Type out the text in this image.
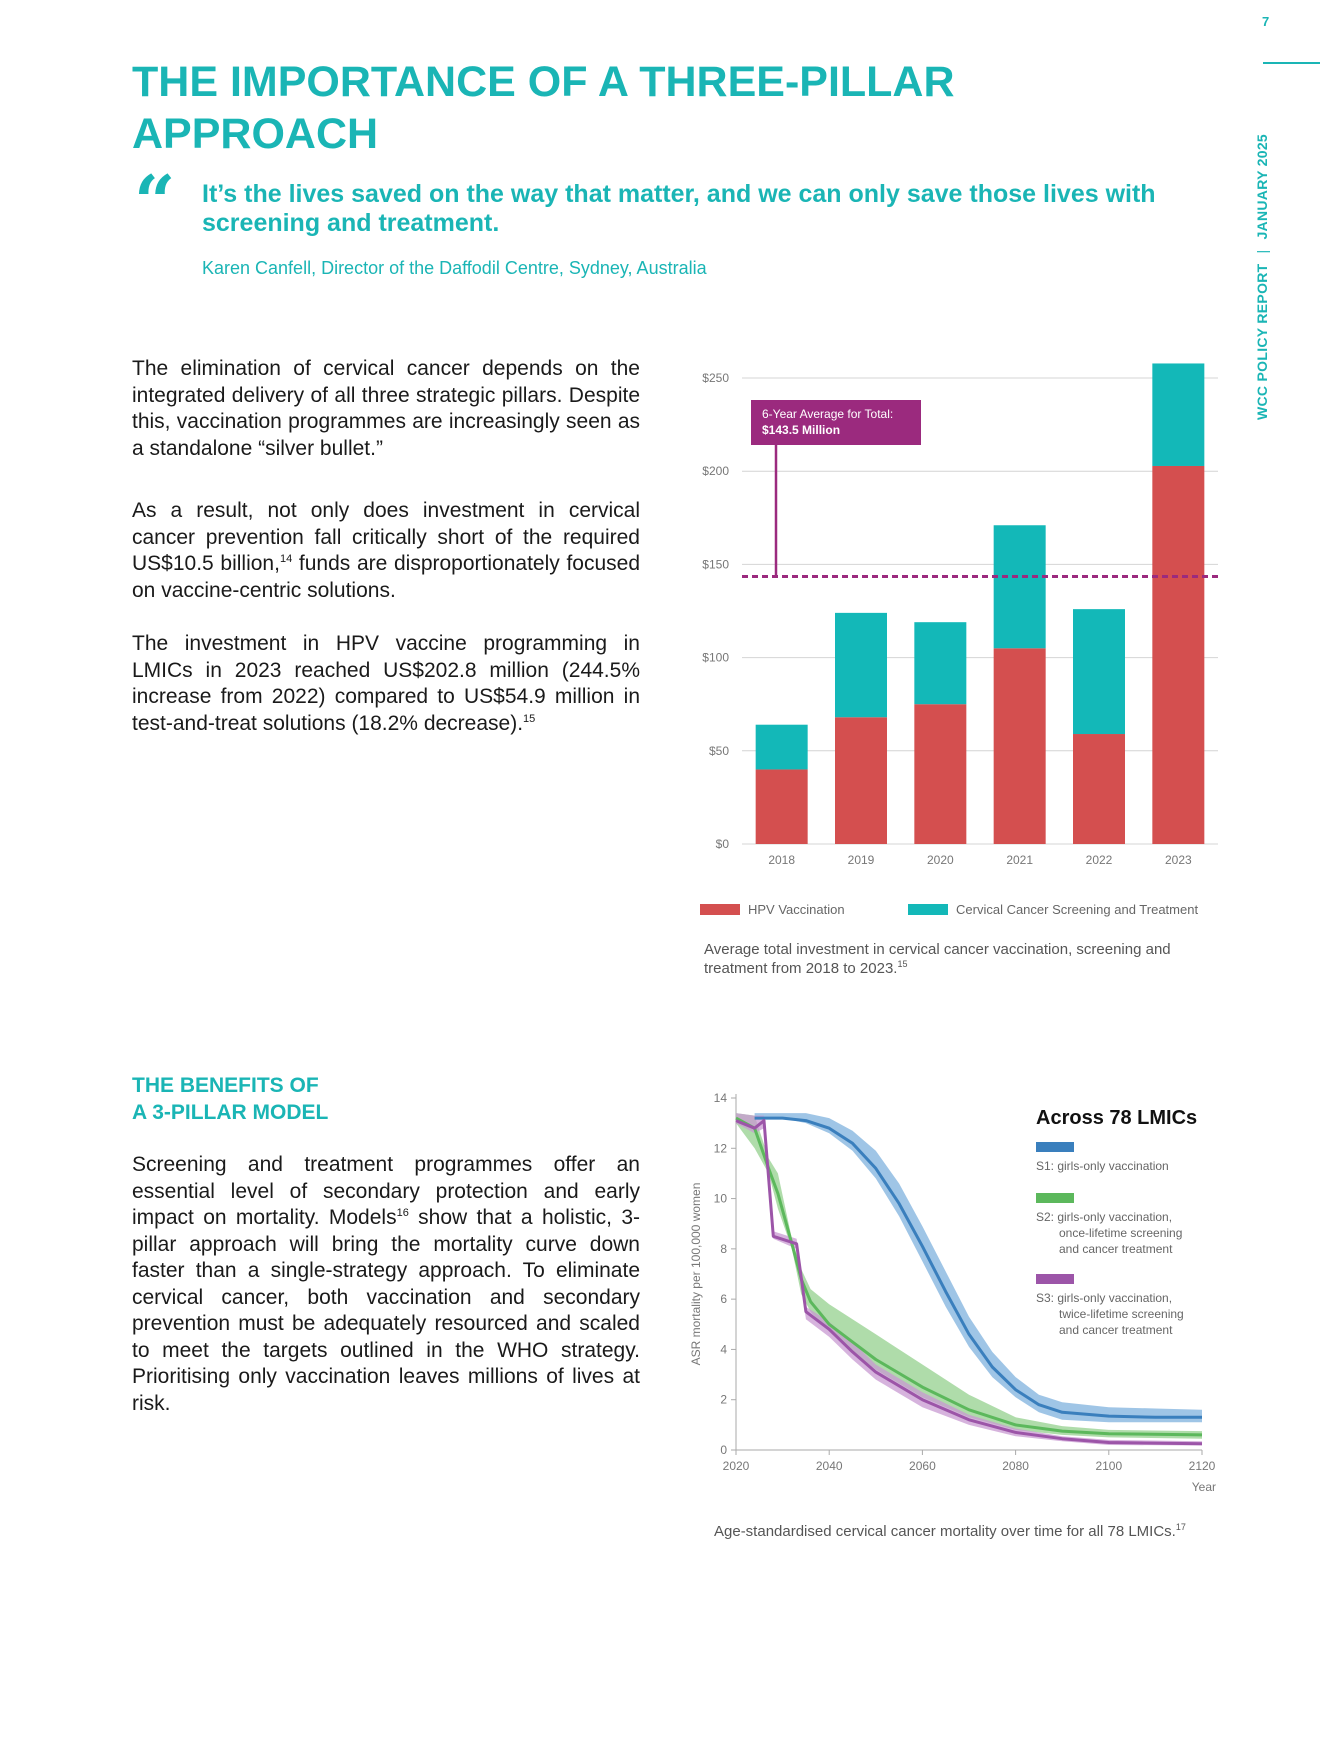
7
WCC POLICY REPORT|JANUARY 2025
THE IMPORTANCE OF A THREE-PILLAR
APPROACH
“ It’s the lives saved on the way that matter, and we can only save those lives with screening and treatment.
Karen Canfell, Director of the Daffodil Centre, Sydney, Australia

The elimination of cervical cancer depends on the integrated delivery of all three strategic pillars. Despite this, vaccination programmes are increasingly seen as a standalone “silver bullet.”

As a result, not only does investment in cervical cancer prevention fall critically short of the required US$10.5 billion,$^{14}$ funds are disproportionately focused on vaccine-centric solutions.

The investment in HPV vaccine programming in LMICs in 2023 reached US$202.8 million (244.5% increase from 2022) compared to US$54.9 million in test-and-treat solutions (18.2% decrease).$^{15}$

THE BENEFITS OF
A 3-PILLAR MODEL

Screening and treatment programmes offer an essential level of secondary protection and early impact on mortality. Models$^{16}$ show that a holistic, 3-pillar approach will bring the mortality curve down faster than a single-strategy approach. To eliminate cervical cancer, both vaccination and secondary prevention must be adequately resourced and scaled to meet the targets outlined in the WHO strategy. Prioritising only vaccination leaves millions of lives at risk.

$0
$50
$100
$150
$200
$250
2018	2019	2020	2021	2022	2023
6-Year Average for Total:
$143.5 Million
HPV Vaccination	Cervical Cancer Screening and Treatment
Average total investment in cervical cancer vaccination, screening and treatment from 2018 to 2023.15
0
2
4
6
8
10
12
14
2020	2040	2060	2080	2100	2120
Year
ASR mortality per 100,000 women
Across 78 LMICs
S1: girls-only vaccination
S2: girls-only vaccination,
once-lifetime screening
and cancer treatment
S3: girls-only vaccination,
twice-lifetime screening
and cancer treatment
Age-standardised cervical cancer mortality over time for all 78 LMICs.$^{17}$
